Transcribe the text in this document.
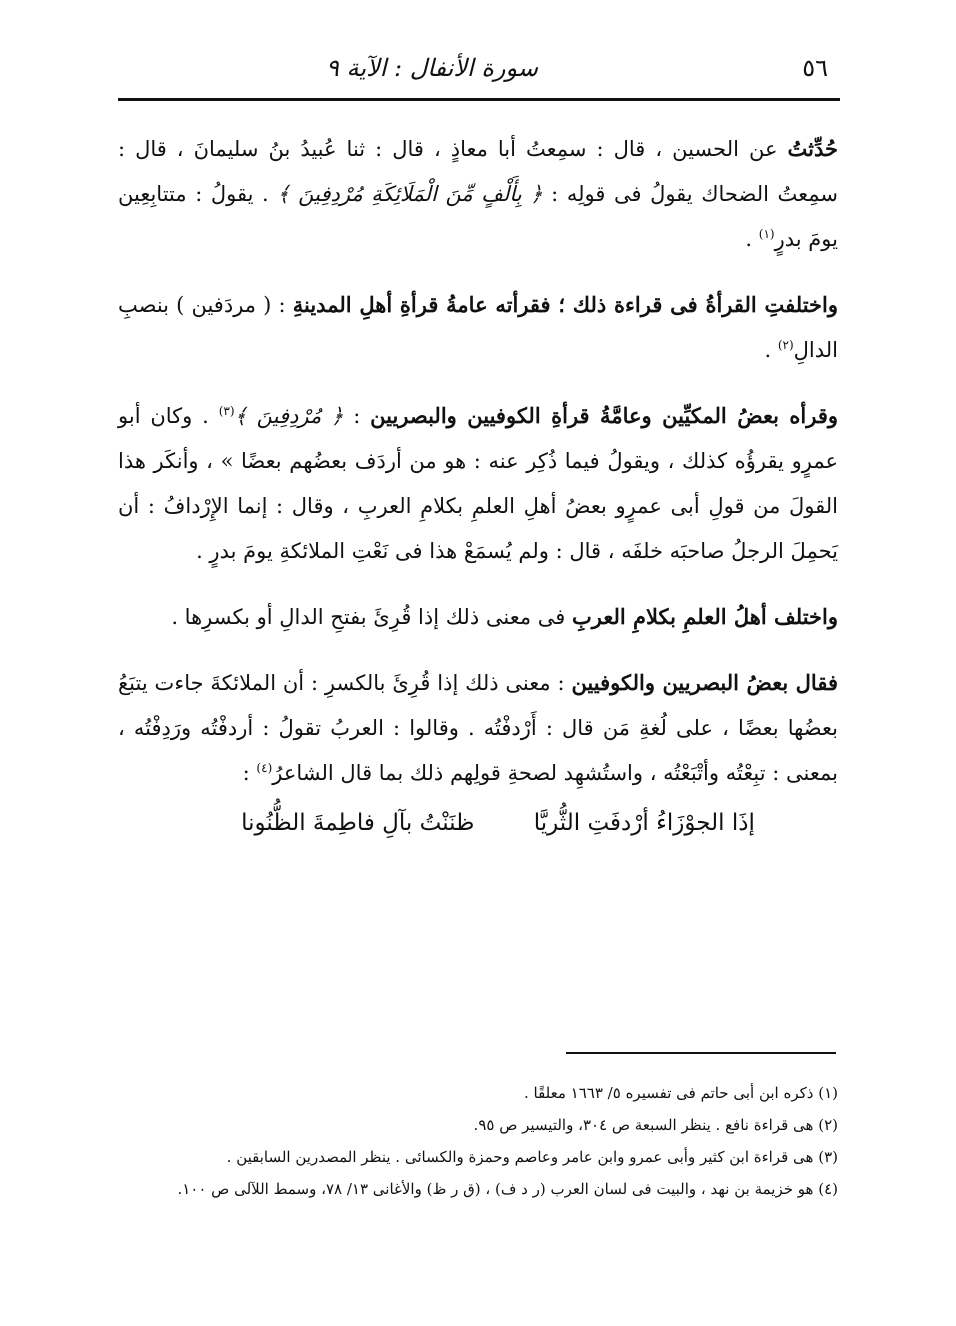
٥٦
سورة الأنفال : الآية ٩

حُدِّثتُ عن الحسين ، قال : سمِعتُ أبا معاذٍ ، قال : ثنا عُبيدُ بنُ سليمانَ ، قال : سمِعتُ الضحاك يقولُ فى قولِه : ﴿ بِأَلْفٍ مِّنَ الْمَلَائِكَةِ مُرْدِفِينَ ﴾ . يقولُ : متتابِعِين يومَ بدرٍ$^{(١)}$ .

واختلفتِ القرأةُ فى قراءة ذلك ؛ فقرأته عامةُ قرأةِ أهلِ المدينةِ : ( مردَفين ) بنصبِ الدالِ$^{(٢)}$ .

وقرأه بعضُ المكيِّين وعامَّةُ قرأةِ الكوفيين والبصريين : ﴿ مُرْدِفِينَ ﴾$^{(٣)}$ . وكان أبو عمرٍو يقرؤُه كذلك ، ويقولُ فيما ذُكِر عنه : هو من أردَف بعضُهم بعضًا » ، وأنكَر هذا القولَ من قولِ أبى عمرٍو بعضُ أهلِ العلمِ بكلامِ العربِ ، وقال : إنما الإِرْدافُ : أن يَحمِلَ الرجلُ صاحبَه خلفَه ، قال : ولم يُسمَعْ هذا فى نَعْتِ الملائكةِ يومَ بدرٍ .

واختلف أهلُ العلمِ بكلامِ العربِ فى معنى ذلك إذا قُرِئَ بفتحِ الدالِ أو بكسرِها .

فقال بعضُ البصريين والكوفيين : معنى ذلك إذا قُرِئَ بالكسرِ : أن الملائكةَ جاءت يتبَعُ بعضُها بعضًا ، على لُغةِ مَن قال : أَرْدفْتُه . وقالوا : العربُ تقولُ : أردفْتُه ورَدِفْتُه ، بمعنى : تبِعْتُه وأتْبَعْتُه ، واستُشهِد لصحةِ قولِهم ذلك بما قال الشاعرُ$^{(٤)}$ :

إذَا الجوْزَاءُ أرْدفَتِ الثُّريَّا ظنَنْتُ بآلِ فاطِمةَ الظُّنُونا

(١) ذكره ابن أبى حاتم فى تفسيره ٥/ ١٦٦٣ معلقًا .

(٢) هى قراءة نافع . ينظر السبعة ص ٣٠٤، والتيسير ص ٩٥.

(٣) هى قراءة ابن كثير وأبى عمرو وابن عامر وعاصم وحمزة والكسائى . ينظر المصدرين السابقين .

(٤) هو خزيمة بن نهد ، والبيت فى لسان العرب (ر د ف) ، (ق ر ظ) والأغانى ١٣/ ٧٨، وسمط اللآلى ص ١٠٠.
